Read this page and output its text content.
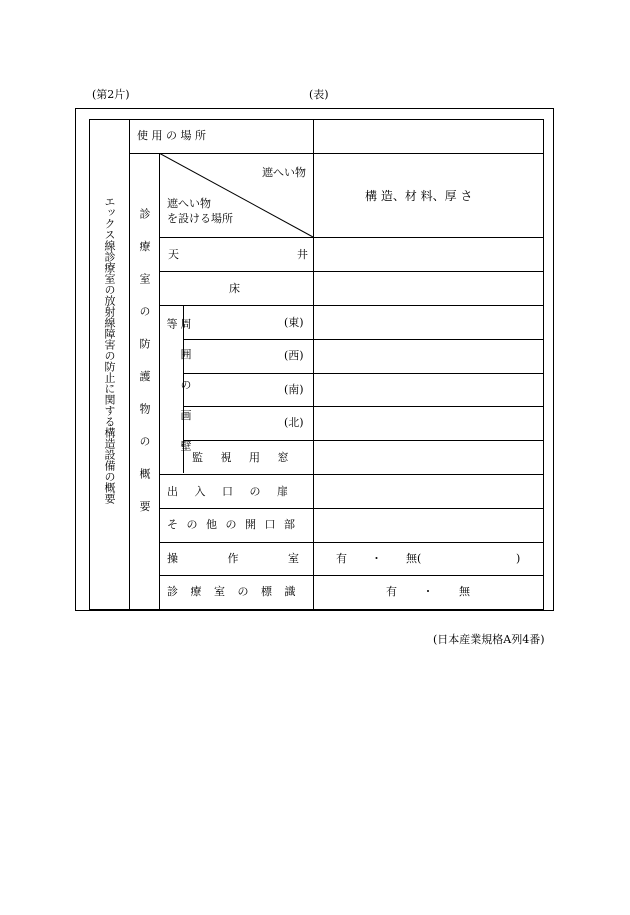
(第2片)	(表)
エックス線診療室の放射線障害の防止に関する構造設備の概要
使 用 の 場 所
診 療 室 の 防 護 物 の 概 要
遮へい物
遮へい物
を設ける場所
構 造、材 料、厚 さ
天	井
床
周 囲 の 画 壁 等	(東)
(西)
(南)
(北)
監 視 用 窓
出 入 口 の 扉
そ の 他 の 開 口 部
操 作 室	有 ・ 無(	)
診 療 室 の 標 識	有 ・ 無
(日本産業規格A列4番)
